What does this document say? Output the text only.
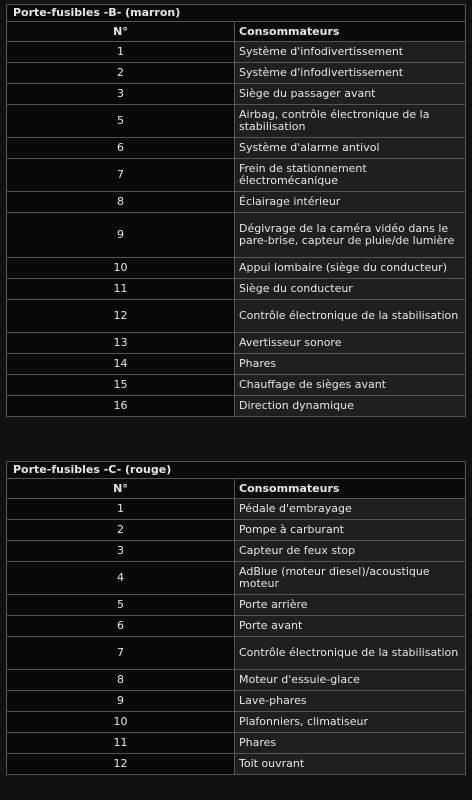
Porte-fusibles -B- (marron)	
N°	Consommateurs
1	Système d'infodivertissement
2	Système d'infodivertissement
3	Siège du passager avant
5	Airbag, contrôle électronique de la stabilisation
6	Système d'alarme antivol
7	Frein de stationnement électromécanique
8	Éclairage intérieur
9	Dégivrage de la caméra vidéo dans le pare-brise, capteur de pluie/de lumière
10	Appui lombaire (siège du conducteur)
11	Siège du conducteur
12	Contrôle électronique de la stabilisation
13	Avertisseur sonore
14	Phares
15	Chauffage de sièges avant
16	Direction dynamique
Porte-fusibles -C- (rouge)	
N°	Consommateurs
1	Pédale d'embrayage
2	Pompe à carburant
3	Capteur de feux stop
4	AdBlue (moteur diesel)/acoustique moteur
5	Porte arrière
6	Porte avant
7	Contrôle électronique de la stabilisation
8	Moteur d'essuie-glace
9	Lave-phares
10	Plafonniers, climatiseur
11	Phares
12	Toit ouvrant
